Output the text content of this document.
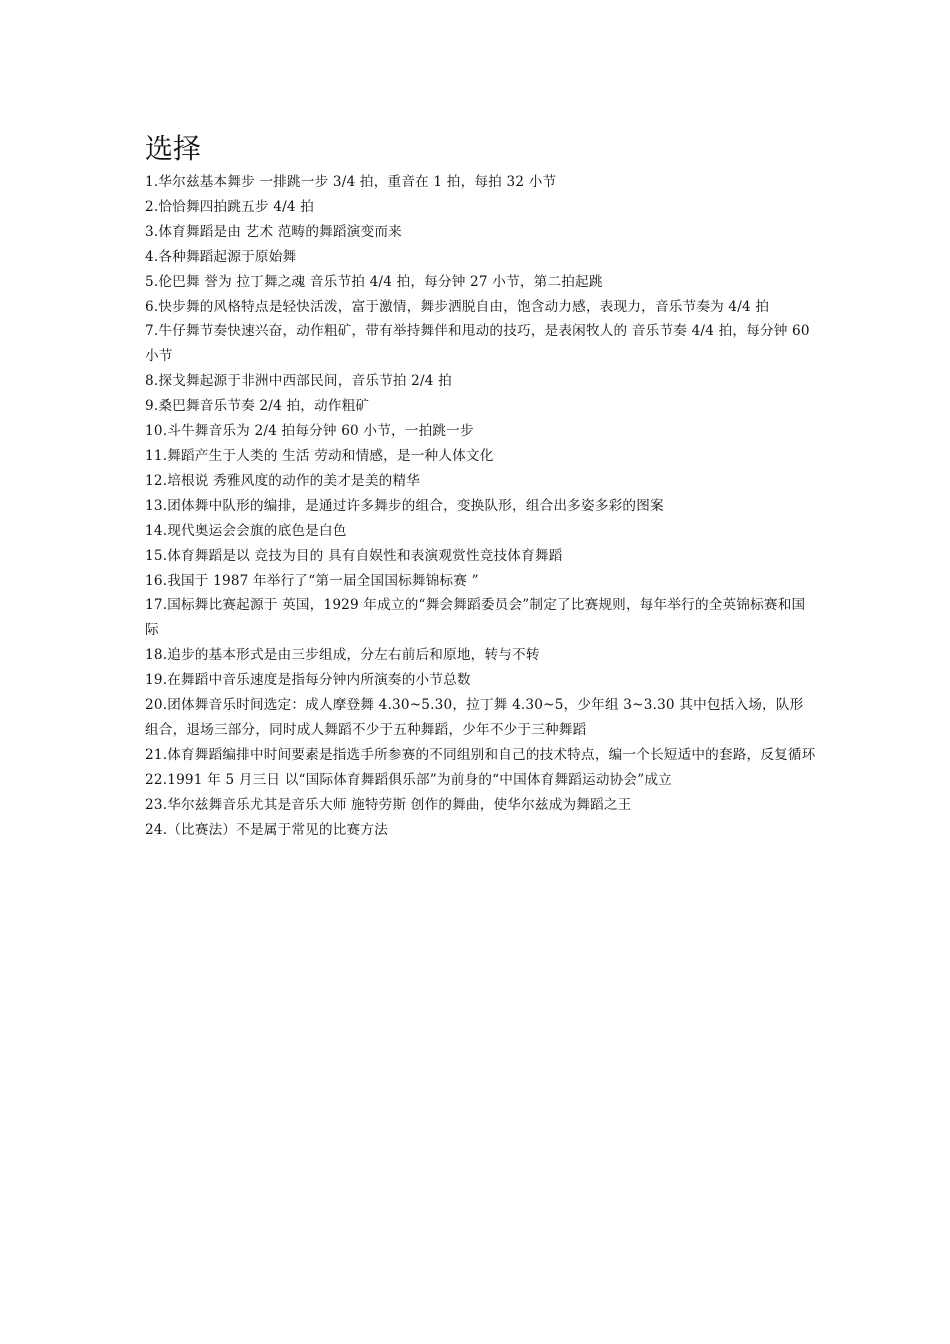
选择
1.华尔兹基本舞步 一排跳一步 3/4 拍，重音在 1 拍，每拍 32 小节
2.恰恰舞四拍跳五步 4/4 拍
3.体育舞蹈是由 艺术 范畴的舞蹈演变而来
4.各种舞蹈起源于原始舞
5.伦巴舞 誉为 拉丁舞之魂 音乐节拍 4/4 拍，每分钟 27 小节，第二拍起跳
6.快步舞的风格特点是轻快活泼，富于激情，舞步洒脱自由，饱含动力感，表现力，音乐节奏为 4/4 拍
7.牛仔舞节奏快速兴奋，动作粗矿，带有举持舞伴和甩动的技巧，是表闲牧人的 音乐节奏 4/4 拍，每分钟 60 小节
8.探戈舞起源于非洲中西部民间，音乐节拍 2/4 拍
9.桑巴舞音乐节奏 2/4 拍，动作粗矿
10.斗牛舞音乐为 2/4 拍每分钟 60 小节，一拍跳一步
11.舞蹈产生于人类的 生活 劳动和情感，是一种人体文化
12.培根说 秀雅风度的动作的美才是美的精华
13.团体舞中队形的编排，是通过许多舞步的组合，变换队形，组合出多姿多彩的图案
14.现代奥运会会旗的底色是白色
15.体育舞蹈是以 竞技为目的 具有自娱性和表演观赏性竞技体育舞蹈
16.我国于 1987 年举行了“第一届全国国标舞锦标赛 ”
17.国标舞比赛起源于 英国，1929 年成立的“舞会舞蹈委员会”制定了比赛规则，每年举行的全英锦标赛和国际
18.追步的基本形式是由三步组成，分左右前后和原地，转与不转
19.在舞蹈中音乐速度是指每分钟内所演奏的小节总数
20.团体舞音乐时间选定：成人摩登舞 4.30~5.30，拉丁舞 4.30~5，少年组 3~3.30 其中包括入场，队形组合，退场三部分，同时成人舞蹈不少于五种舞蹈，少年不少于三种舞蹈
21.体育舞蹈编排中时间要素是指选手所参赛的不同组别和自己的技术特点，编一个长短适中的套路，反复循环
22.1991 年 5 月三日 以“国际体育舞蹈俱乐部”为前身的“中国体育舞蹈运动协会”成立
23.华尔兹舞音乐尤其是音乐大师 施特劳斯 创作的舞曲，使华尔兹成为舞蹈之王
24.（比赛法）不是属于常见的比赛方法
